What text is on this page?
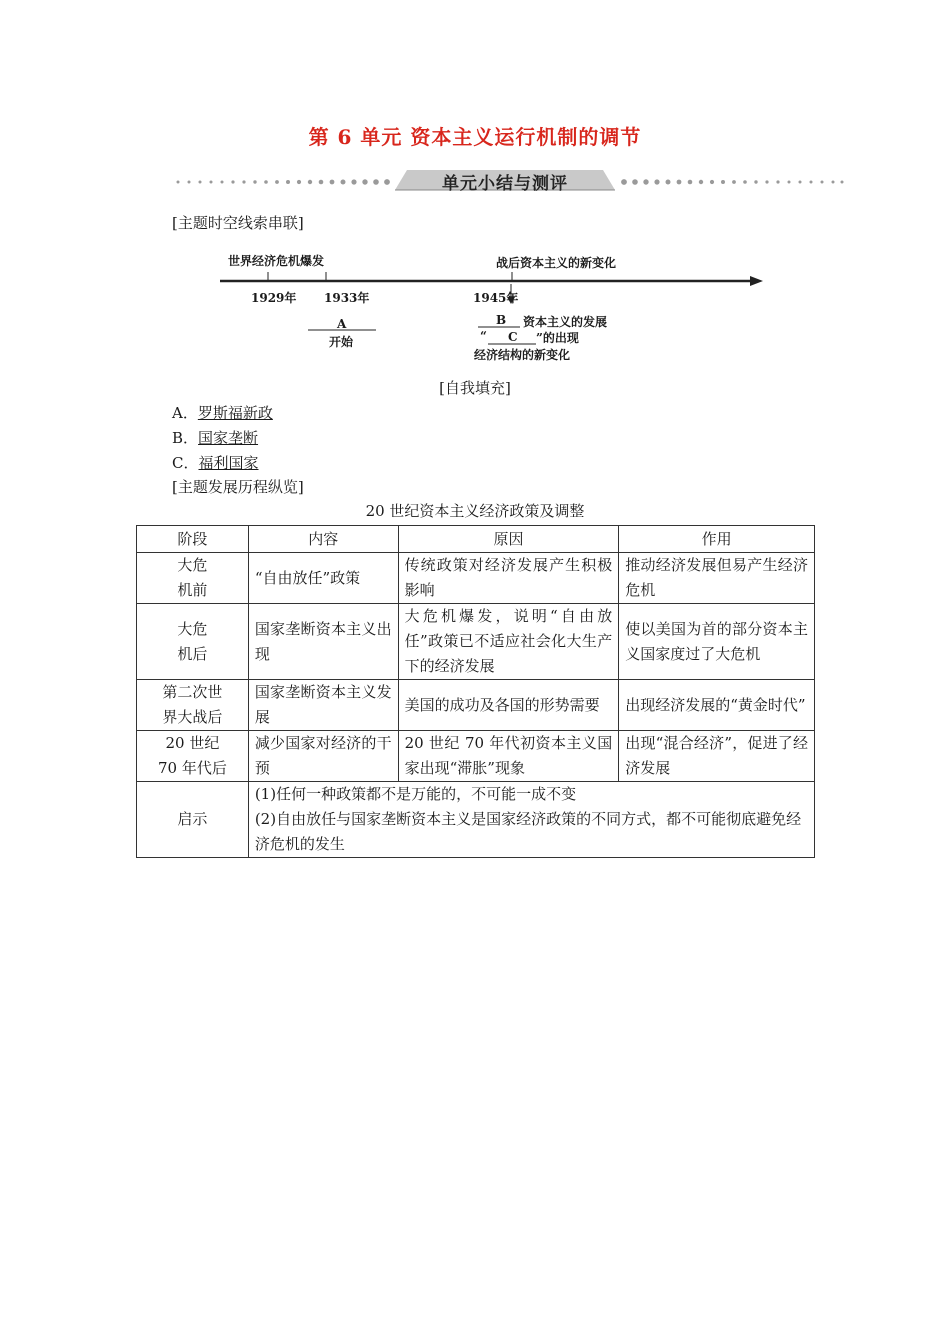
第 6 单元 资本主义运行机制的调节
单元小结与测评
[主题时空线索串联]
世界经济危机爆发	战后资本主义的新变化
1929年 1933年	1945年
A
开始
B 资本主义的发展
“ C ”的出现
经济结构的新变化
[自我填充]
A．罗斯福新政
B．国家垄断
C．福利国家
[主题发展历程纵览]
20 世纪资本主义经济政策及调整
阶段	内容	原因	作用
大危
机前	“自由放任”政策	传统政策对经济发展产生积极影响	推动经济发展但易产生经济危机
大危
机后	国家垄断资本主义出现	大危机爆发，说明“自由放任”政策已不适应社会化大生产下的经济发展	使以美国为首的部分资本主义国家度过了大危机
第二次世
界大战后	国家垄断资本主义发展	美国的成功及各国的形势需要	出现经济发展的“黄金时代”
20 世纪
70 年代后	减少国家对经济的干预	20 世纪 70 年代初资本主义国家出现“滞胀”现象	出现“混合经济”，促进了经济发展
启示	(1)任何一种政策都不是万能的，不可能一成不变
(2)自由放任与国家垄断资本主义是国家经济政策的不同方式，都不可能彻底避免经济危机的发生		
